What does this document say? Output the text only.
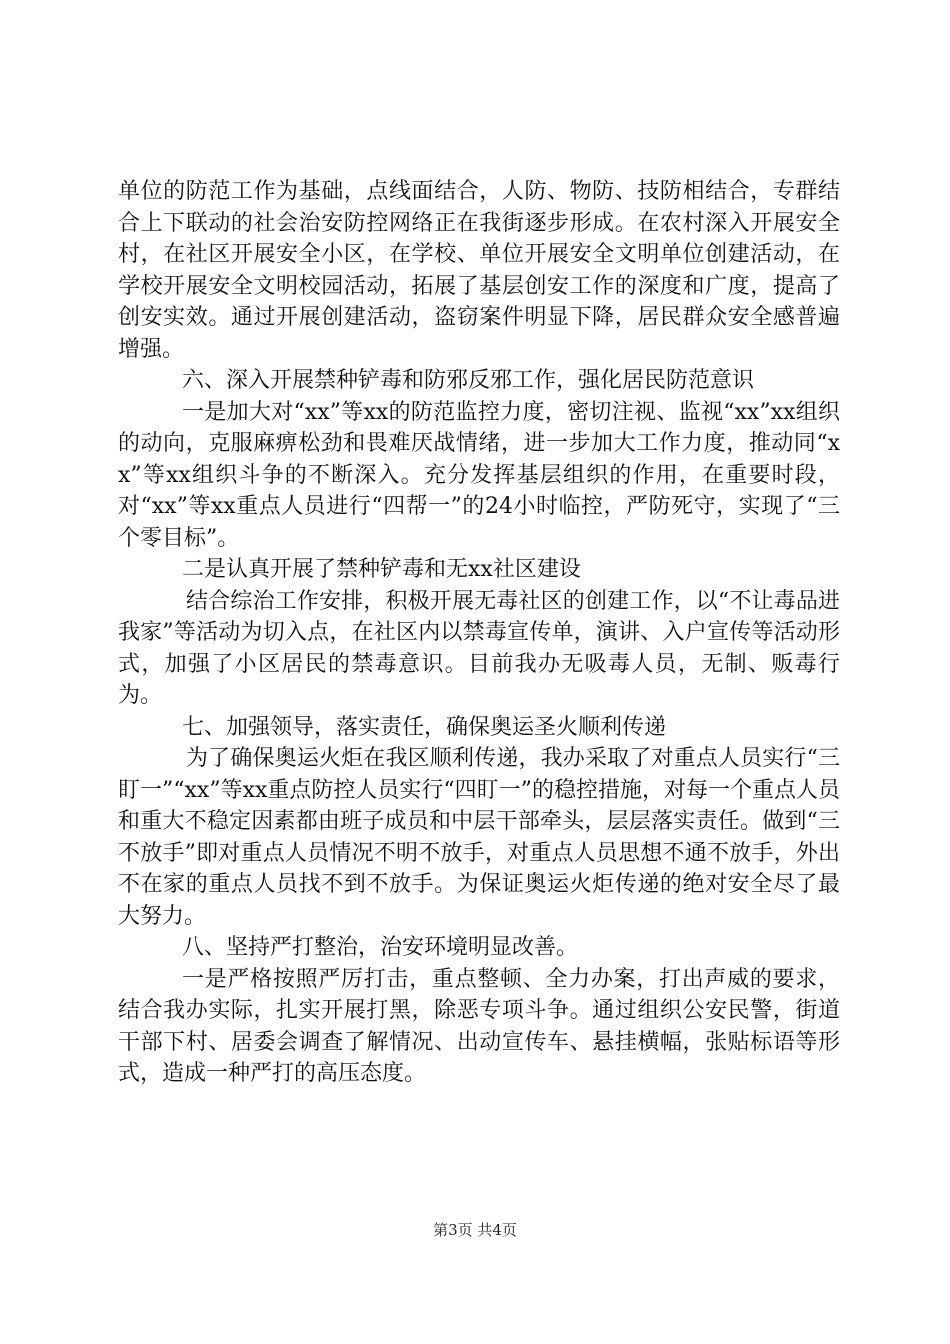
单位的防范工作为基础，点线面结合，人防、物防、技防相结合，专群结合上下联动的社会治安防控网络正在我街逐步形成。在农村深入开展安全村，在社区开展安全小区，在学校、单位开展安全文明单位创建活动，在学校开展安全文明校园活动，拓展了基层创安工作的深度和广度，提高了创安实效。通过开展创建活动，盗窃案件明显下降，居民群众安全感普遍增强。

六、深入开展禁种铲毒和防邪反邪工作，强化居民防范意识

一是加大对“xx”等xx的防范监控力度，密切注视、监视“xx”xx组织的动向，克服麻痹松劲和畏难厌战情绪，进一步加大工作力度，推动同“xx”等xx组织斗争的不断深入。充分发挥基层组织的作用，在重要时段，对“xx”等xx重点人员进行“四帮一”的24小时临控，严防死守，实现了“三个零目标”。

二是认真开展了禁种铲毒和无xx社区建设

结合综治工作安排，积极开展无毒社区的创建工作，以“不让毒品进我家”等活动为切入点，在社区内以禁毒宣传单，演讲、入户宣传等活动形式，加强了小区居民的禁毒意识。目前我办无吸毒人员，无制、贩毒行为。

七、加强领导，落实责任，确保奥运圣火顺利传递

为了确保奥运火炬在我区顺利传递，我办采取了对重点人员实行“三盯一”“xx”等xx重点防控人员实行“四盯一”的稳控措施，对每一个重点人员和重大不稳定因素都由班子成员和中层干部牵头，层层落实责任。做到“三不放手”即对重点人员情况不明不放手，对重点人员思想不通不放手，外出不在家的重点人员找不到不放手。为保证奥运火炬传递的绝对安全尽了最大努力。

八、坚持严打整治，治安环境明显改善。

一是严格按照严厉打击，重点整顿、全力办案，打出声威的要求，结合我办实际，扎实开展打黑，除恶专项斗争。通过组织公安民警，街道干部下村、居委会调查了解情况、出动宣传车、悬挂横幅，张贴标语等形式，造成一种严打的高压态度。

第3页 共4页
